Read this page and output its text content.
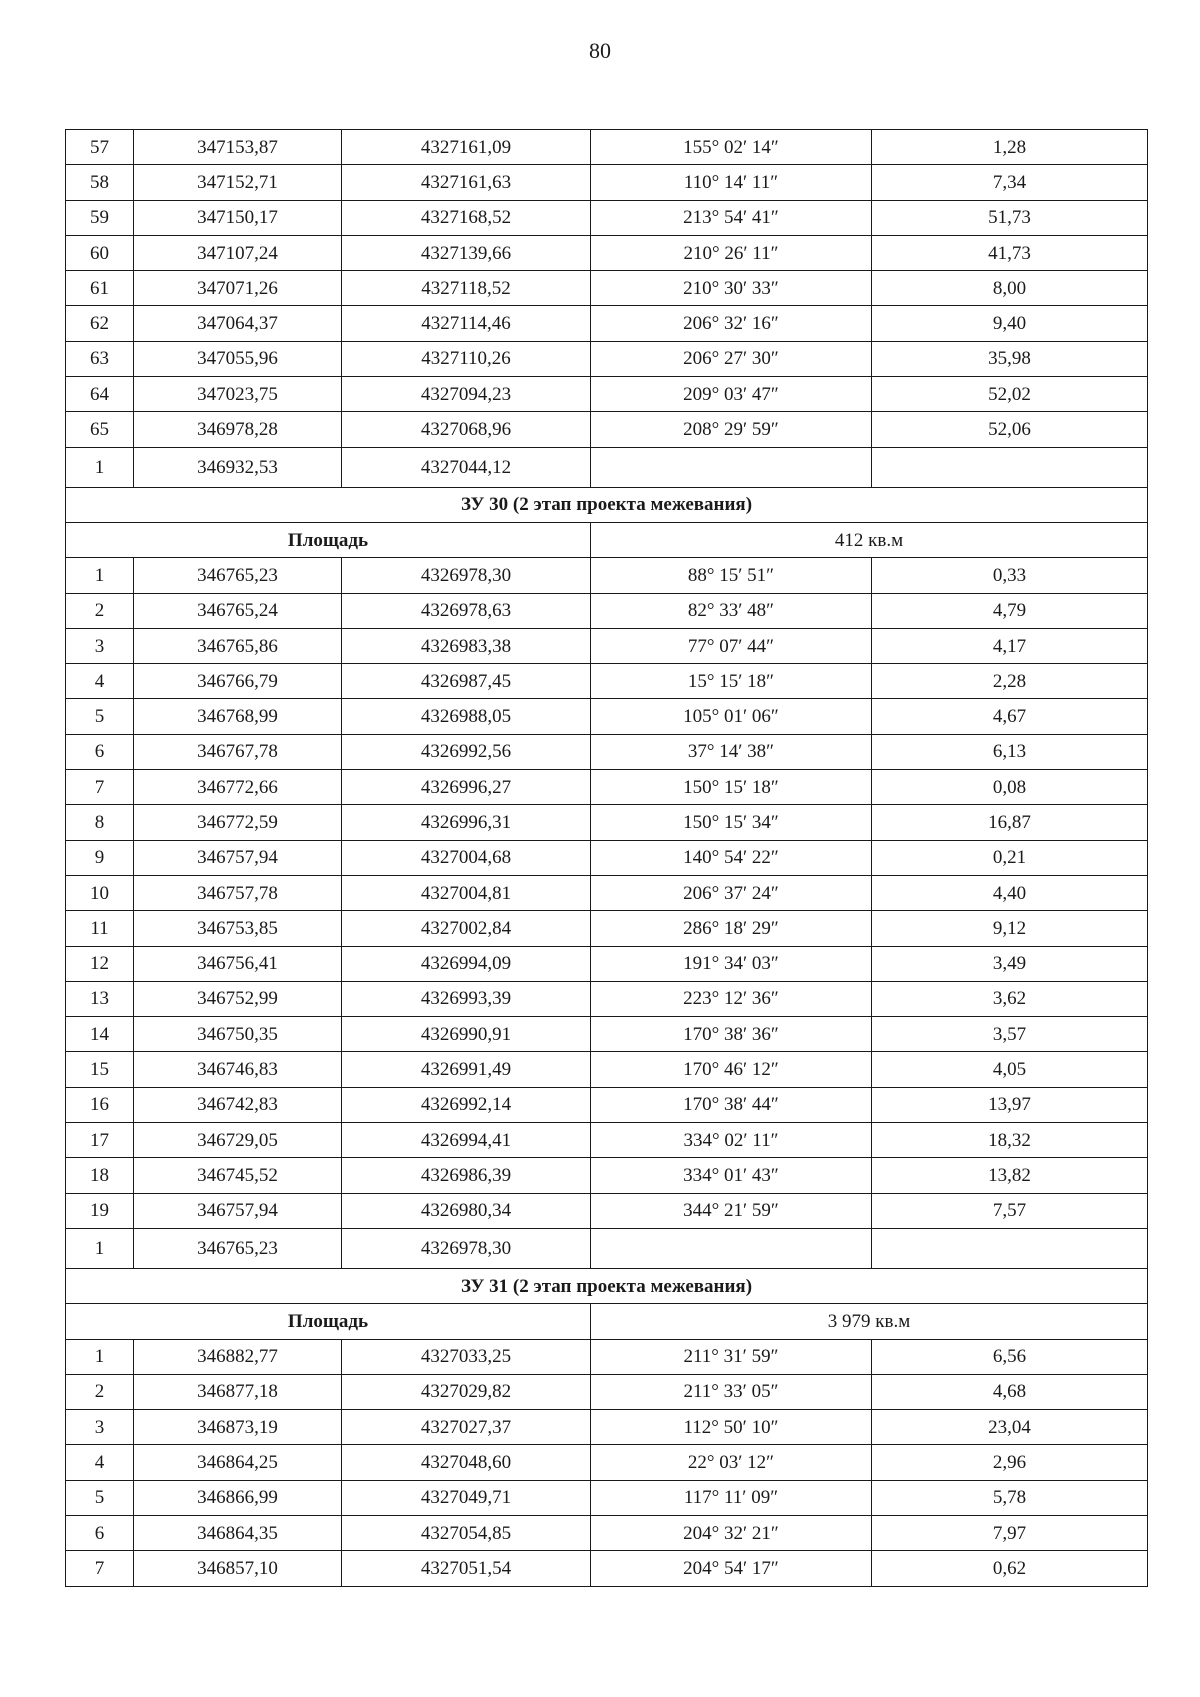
80
57	347153,87	4327161,09	155° 02′ 14″	1,28
58	347152,71	4327161,63	110° 14′ 11″	7,34
59	347150,17	4327168,52	213° 54′ 41″	51,73
60	347107,24	4327139,66	210° 26′ 11″	41,73
61	347071,26	4327118,52	210° 30′ 33″	8,00
62	347064,37	4327114,46	206° 32′ 16″	9,40
63	347055,96	4327110,26	206° 27′ 30″	35,98
64	347023,75	4327094,23	209° 03′ 47″	52,02
65	346978,28	4327068,96	208° 29′ 59″	52,06
1	346932,53	4327044,12		
ЗУ 30 (2 этап проекта межевания)				
Площадь			412 кв.м	
1	346765,23	4326978,30	88° 15′ 51″	0,33
2	346765,24	4326978,63	82° 33′ 48″	4,79
3	346765,86	4326983,38	77° 07′ 44″	4,17
4	346766,79	4326987,45	15° 15′ 18″	2,28
5	346768,99	4326988,05	105° 01′ 06″	4,67
6	346767,78	4326992,56	37° 14′ 38″	6,13
7	346772,66	4326996,27	150° 15′ 18″	0,08
8	346772,59	4326996,31	150° 15′ 34″	16,87
9	346757,94	4327004,68	140° 54′ 22″	0,21
10	346757,78	4327004,81	206° 37′ 24″	4,40
11	346753,85	4327002,84	286° 18′ 29″	9,12
12	346756,41	4326994,09	191° 34′ 03″	3,49
13	346752,99	4326993,39	223° 12′ 36″	3,62
14	346750,35	4326990,91	170° 38′ 36″	3,57
15	346746,83	4326991,49	170° 46′ 12″	4,05
16	346742,83	4326992,14	170° 38′ 44″	13,97
17	346729,05	4326994,41	334° 02′ 11″	18,32
18	346745,52	4326986,39	334° 01′ 43″	13,82
19	346757,94	4326980,34	344° 21′ 59″	7,57
1	346765,23	4326978,30		
ЗУ 31 (2 этап проекта межевания)				
Площадь			3 979 кв.м	
1	346882,77	4327033,25	211° 31′ 59″	6,56
2	346877,18	4327029,82	211° 33′ 05″	4,68
3	346873,19	4327027,37	112° 50′ 10″	23,04
4	346864,25	4327048,60	22° 03′ 12″	2,96
5	346866,99	4327049,71	117° 11′ 09″	5,78
6	346864,35	4327054,85	204° 32′ 21″	7,97
7	346857,10	4327051,54	204° 54′ 17″	0,62
